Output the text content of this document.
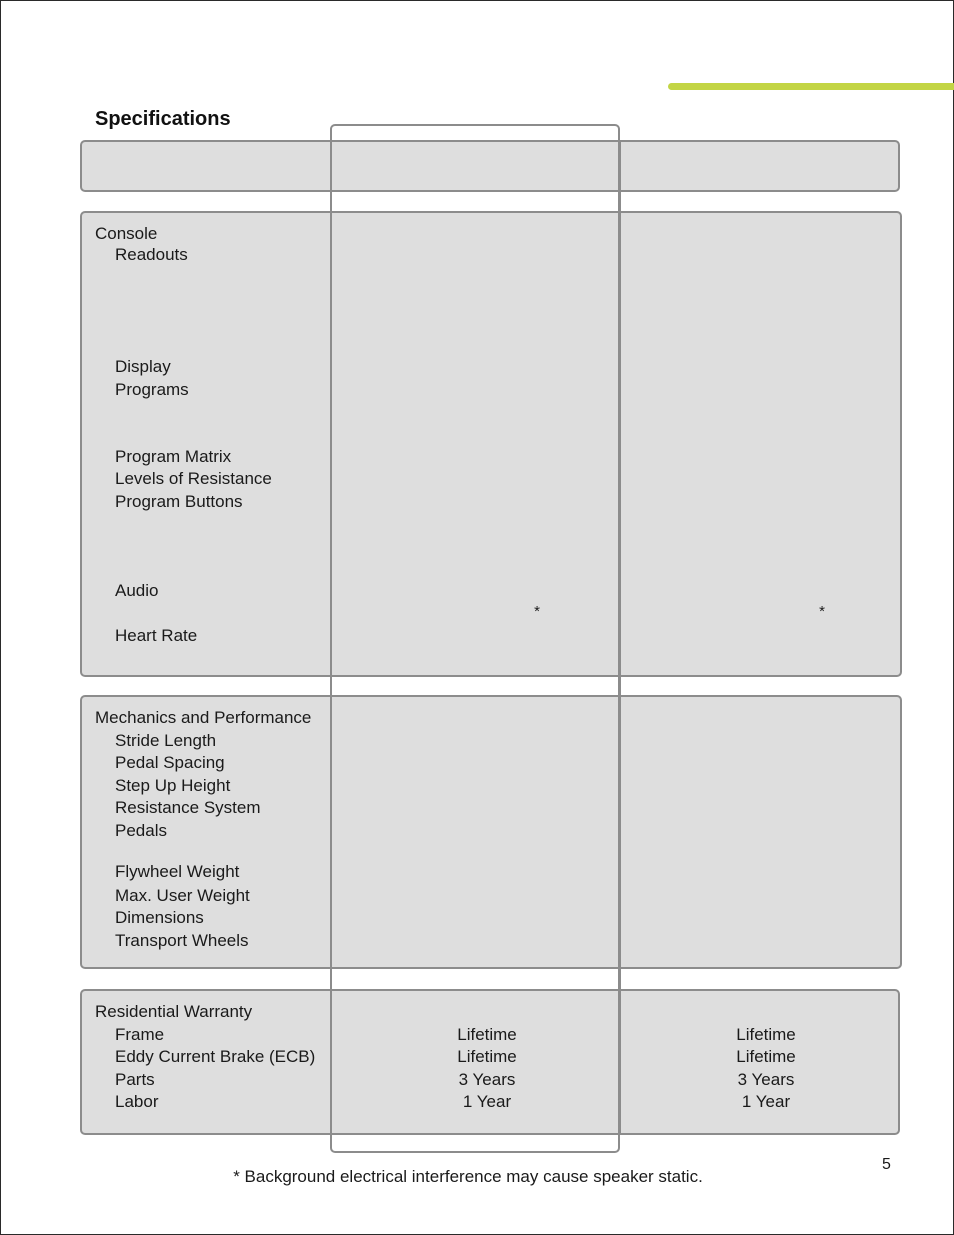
Specifications
Console
Readouts
Display
Programs
Program Matrix
Levels of Resistance
Program Buttons
Audio
Heart Rate
*	*
Mechanics and Performance
Stride Length
Pedal Spacing
Step Up Height
Resistance System
Pedals
Flywheel Weight
Max. User Weight
Dimensions
Transport Wheels
Residential Warranty
Frame
Eddy Current Brake (ECB)
Parts
Labor
Lifetime
Lifetime
3 Years
1 Year
Lifetime
Lifetime
3 Years
1 Year
5
* Background electrical interference may cause speaker static.
